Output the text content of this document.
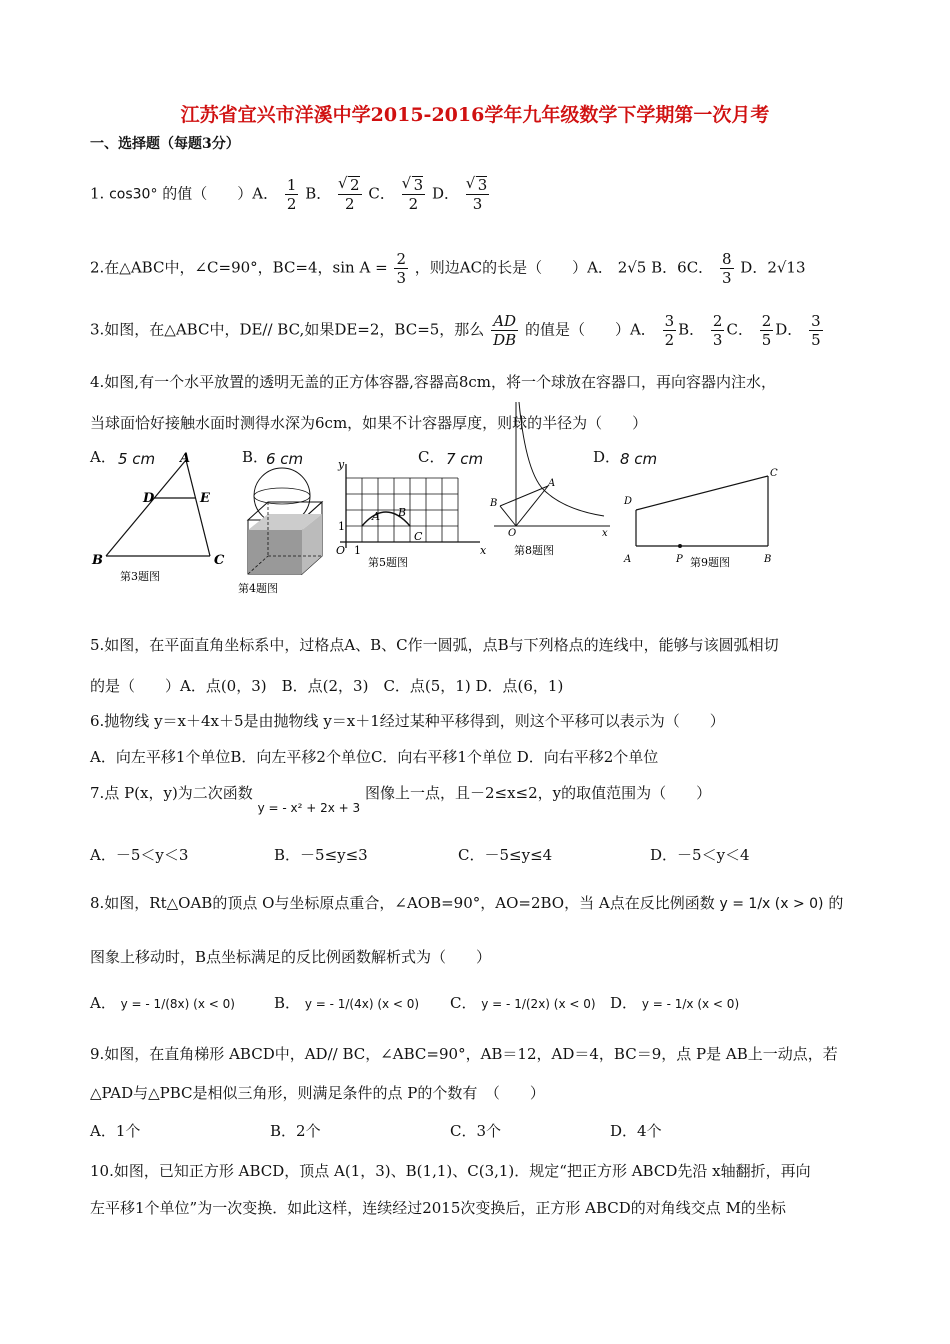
江苏省宜兴市洋溪中学2015-2016学年九年级数学下学期第一次月考
一、选择题（每题3分）
1. cos30° 的值（　　）A． $\frac{1}{2}$ B． √ $\frac{2}{2}$ C． √ $\frac{3}{2}$ D． √ $\frac{3}{3}$
2.在△ABC中，∠C=90°，BC=4，$\sin A = \frac{2}{3}$ ，则边AC的长是（　　）A． 2√5 B．6C． $\frac{8}{3}$ D．2√13
3.如图，在△ABC中，DE// BC,如果DE=2，BC=5，那么 $\frac{AD}{DB}$ 的值是（　　）A． $\frac{3}{2}$ B． $\frac{2}{3}$ C． $\frac{2}{5}$ D． $\frac{3}{5}$
4.如图,有一个水平放置的透明无盖的正方体容器,容器高8cm，将一个球放在容器口，再向容器内注水，
当球面恰好接触水面时测得水深为6cm，如果不计容器厚度，则球的半径为（　　）
A． 5 cm	B．
6 cm	C． 7 cm	D． 8 cm
A
D	E
B	C
第3题图
第4题图
y
x
O
1
1
A B
C
第5题图
A
B
O	x
第8题图
D
C
A	P	B
第9题图
5.如图，在平面直角坐标系中，过格点A、B、C作一圆弧，点B与下列格点的连线中，能够与该圆弧相切
的是（　　）A．点(0，3)　B．点(2，3)　C．点(5，1) D．点(6，1)
6.抛物线 y＝x＋4x＋5是由抛物线 y＝x＋1经过某种平移得到，则这个平移可以表示为（　　）
A．向左平移1个单位B．向左平移2个单位C．向右平移1个单位 D．向右平移2个单位
7.点 P(x，y)为二次函数 $_{y = - x^2 + 2x + 3}$ 图像上一点，且－2≤x≤2，y的取值范围为（　　）
A．－5＜y＜3	B．－5≤y≤3	C．－5≤y≤4	D．－5＜y＜4
8.如图，Rt△OAB的顶点 O与坐标原点重合，∠AOB=90°，AO=2BO，当 A点在反比例函数 y = 1/x (x > 0) 的
图象上移动时，B点坐标满足的反比例函数解析式为（　　）
A． y = - 1/(8x) (x < 0)	B． y = - 1/(4x) (x < 0) C． y = - 1/(2x) (x < 0) D． y = - 1/x (x < 0)
9.如图，在直角梯形 ABCD中，AD// BC，∠ABC=90°，AB＝12，AD＝4，BC＝9，点 P是 AB上一动点，若
△PAD与△PBC是相似三角形，则满足条件的点 P的个数有　（　　）
A．1个	B．2个	C．3个	D．4个
10.如图，已知正方形 ABCD，顶点 A(1，3)、B(1,1)、C(3,1)．规定“把正方形 ABCD先沿 x轴翻折，再向
左平移1个单位”为一次变换．如此这样，连续经过2015次变换后，正方形 ABCD的对角线交点 M的坐标
